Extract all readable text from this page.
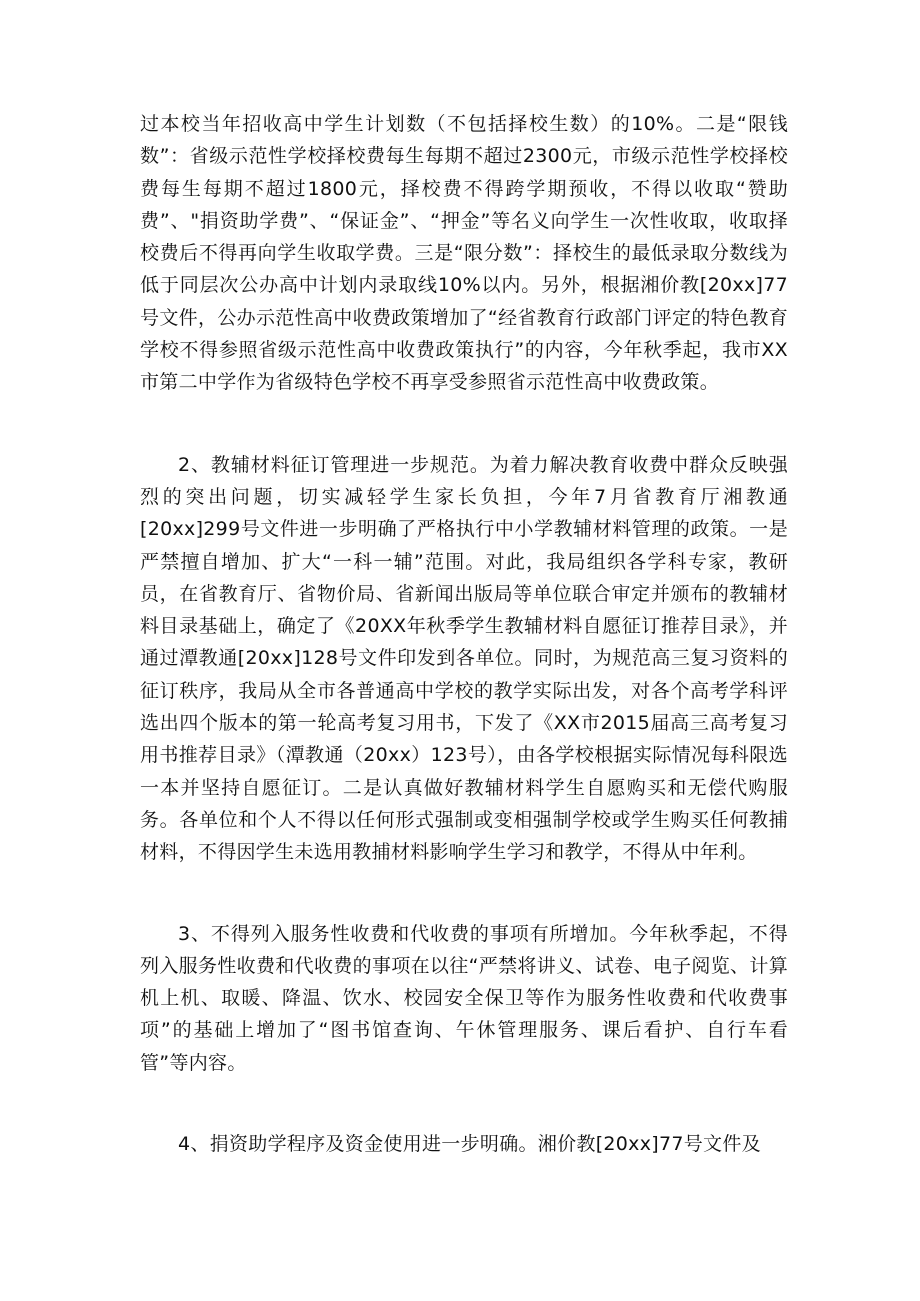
过本校当年招收高中学生计划数（不包括择校生数）的10%。二是“限钱数”：省级示范性学校择校费每生每期不超过2300元，市级示范性学校择校费每生每期不超过1800元，择校费不得跨学期预收，不得以收取“赞助费”、"捐资助学费”、“保证金”、“押金”等名义向学生一次性收取，收取择校费后不得再向学生收取学费。三是“限分数”：择校生的最低录取分数线为低于同层次公办高中计划内录取线10%以内。另外，根据湘价教[20xx]77号文件，公办示范性高中收费政策增加了“经省教育行政部门评定的特色教育学校不得参照省级示范性高中收费政策执行”的内容，今年秋季起，我市XX市第二中学作为省级特色学校不再享受参照省示范性高中收费政策。

2、教辅材料征订管理进一步规范。为着力解决教育收费中群众反映强烈的突出问题，切实减轻学生家长负担，今年7月省教育厅湘教通[20xx]299号文件进一步明确了严格执行中小学教辅材料管理的政策。一是严禁擅自增加、扩大“一科一辅”范围。对此，我局组织各学科专家，教研员，在省教育厅、省物价局、省新闻出版局等单位联合审定并颁布的教辅材料目录基础上，确定了《20XX年秋季学生教辅材料自愿征订推荐目录》，并通过潭教通[20xx]128号文件印发到各单位。同时，为规范高三复习资料的征订秩序，我局从全市各普通高中学校的教学实际出发，对各个高考学科评选出四个版本的第一轮高考复习用书，下发了《XX市2015届高三高考复习用书推荐目录》（潭教通（20xx）123号），由各学校根据实际情况每科限选一本并坚持自愿征订。二是认真做好教辅材料学生自愿购买和无偿代购服务。各单位和个人不得以任何形式强制或变相强制学校或学生购买任何教捕材料，不得因学生未选用教捕材料影响学生学习和教学，不得从中年利。

3、不得列入服务性收费和代收费的事项有所增加。今年秋季起，不得列入服务性收费和代收费的事项在以往“严禁将讲义、试卷、电子阅览、计算机上机、取暖、降温、饮水、校园安全保卫等作为服务性收费和代收费事项”的基础上增加了“图书馆查询、午休管理服务、课后看护、自行车看管”等内容。

4、捐资助学程序及资金使用进一步明确。湘价教[20xx]77号文件及
